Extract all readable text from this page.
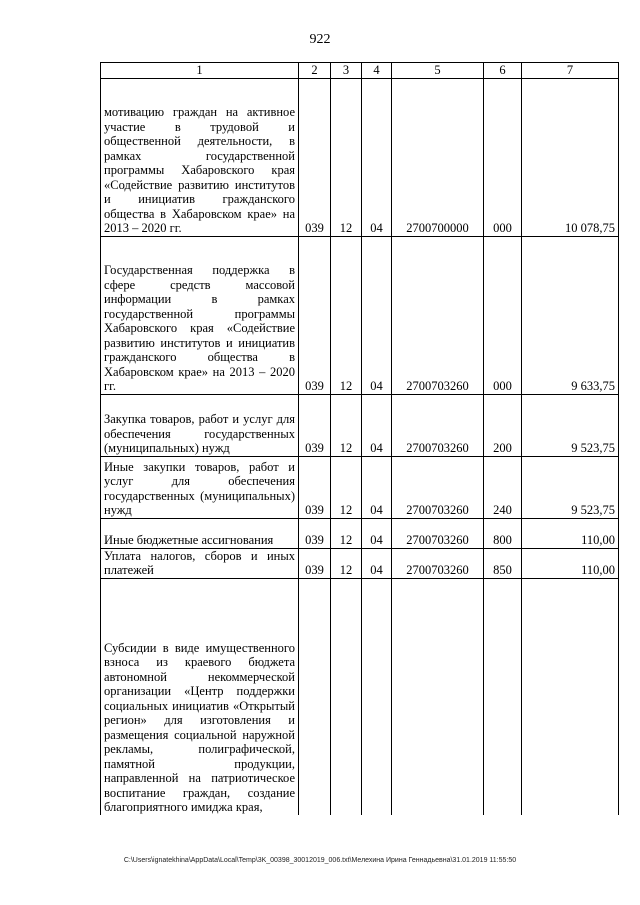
922
1	2	3	4	5	6	7

мотивацию граждан на активное участие в трудовой и общественной деятельности, в рамках государственной программы Хабаровского края «Содействие развитию институтов и инициатив гражданского общества в Хабаровском крае» на 2013 – 2020 гг.	039	12	04	2700700000	000	10 078,75

Государственная поддержка в сфере средств массовой информации в рамках государственной программы Хабаровского края «Содействие развитию институтов и инициатив гражданского общества в Хабаровском крае» на 2013 – 2020 гг.	039	12	04	2700703260	000	9 633,75

Закупка товаров, работ и услуг для обеспечения государственных (муниципальных) нужд	039	12	04	2700703260	200	9 523,75

Иные закупки товаров, работ и услуг для обеспечения государственных (муниципальных) нужд	039	12	04	2700703260	240	9 523,75

Иные бюджетные ассигнования	039	12	04	2700703260	800	110,00

Уплата налогов, сборов и иных платежей	039	12	04	2700703260	850	110,00

Субсидии в виде имущественного взноса из краевого бюджета автономной некоммерческой организации «Центр поддержки социальных инициатив «Открытый регион» для изготовления и размещения социальной наружной рекламы, полиграфической, памятной продукции, направленной на патриотическое воспитание граждан, создание благоприятного имиджа края,						

C:\Users\ignatekhina\AppData\Local\Temp\3K_00398_30012019_006.txt\Мелехина Ирина Геннадьевна\31.01.2019 11:55:50
